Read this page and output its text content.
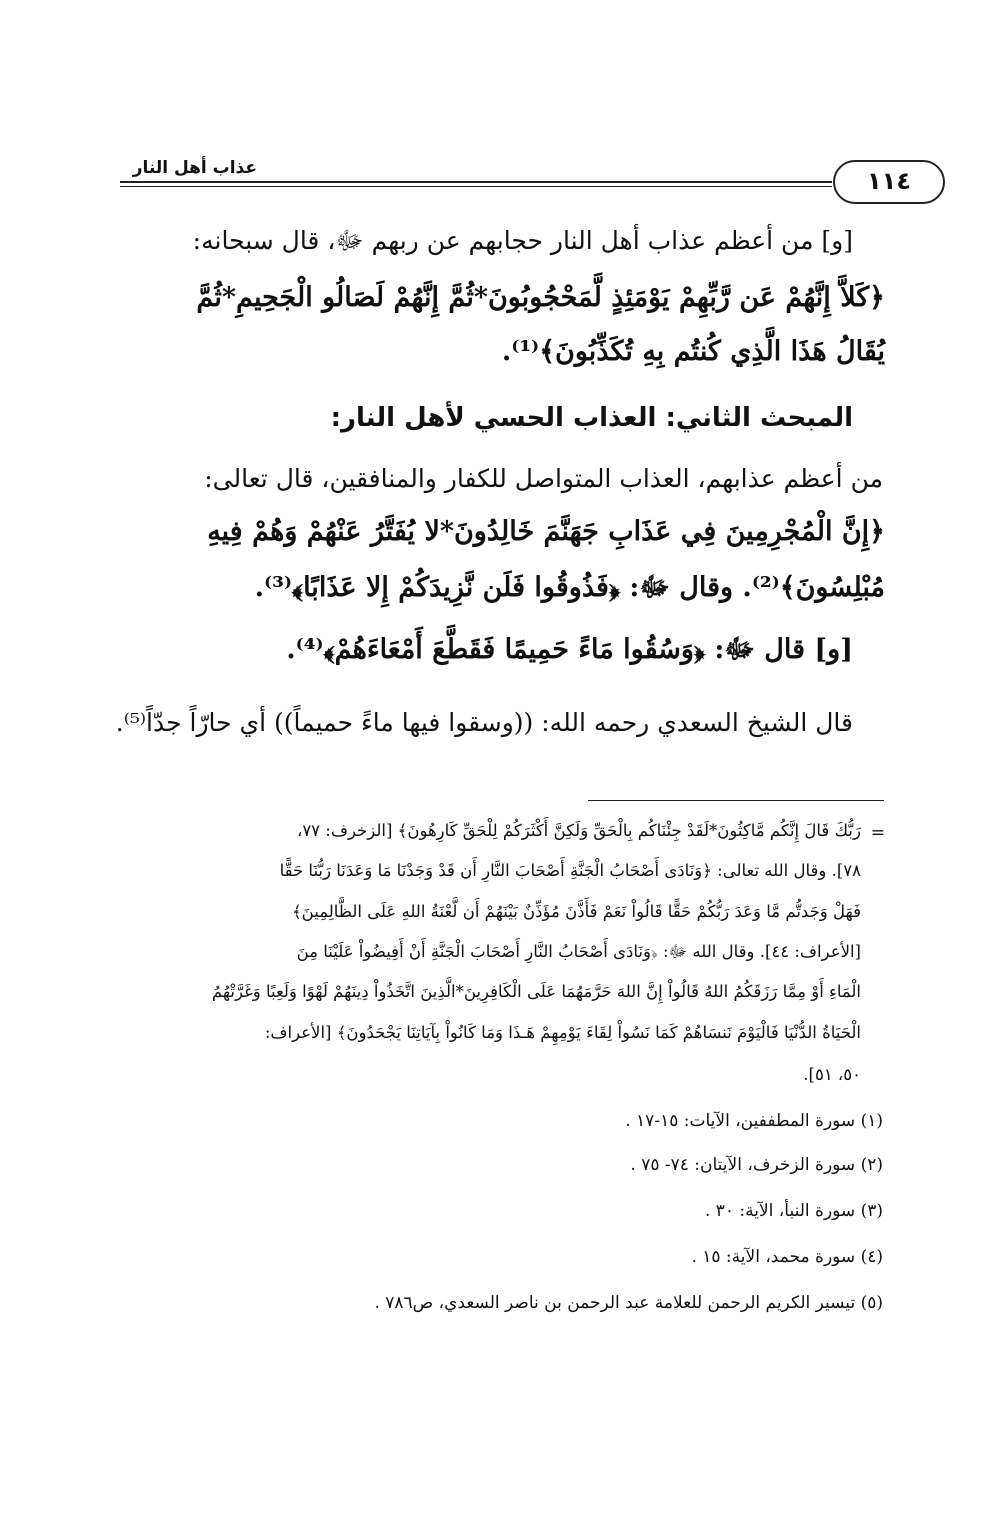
عذاب أهل النار	١١٤
[و] من أعظم عذاب أهل النار حجابهم عن ربهم ﷻ، قال سبحانه:
﴿كَلاَّ إِنَّهُمْ عَن رَّبِّهِمْ يَوْمَئِذٍ لَّمَحْجُوبُونَ*ثُمَّ إِنَّهُمْ لَصَالُو الْجَحِيمِ*ثُمَّ
يُقَالُ هَذَا الَّذِي كُنتُم بِهِ تُكَذِّبُونَ﴾⁽¹⁾.
المبحث الثاني: العذاب الحسي لأهل النار:
من أعظم عذابهم، العذاب المتواصل للكفار والمنافقين، قال تعالى:
﴿إِنَّ الْمُجْرِمِينَ فِي عَذَابِ جَهَنَّمَ خَالِدُونَ*لا يُفَتَّرُ عَنْهُمْ وَهُمْ فِيهِ
مُبْلِسُونَ﴾⁽²⁾. وقال ﷻ: ﴿فَذُوقُوا فَلَن نَّزِيدَكُمْ إِلا عَذَابًا﴾⁽³⁾.
[و] قال ﷻ: ﴿وَسُقُوا مَاءً حَمِيمًا فَقَطَّعَ أَمْعَاءَهُمْ﴾⁽⁴⁾.
قال الشيخ السعدي رحمه الله: ((وسقوا فيها ماءً حميماً)) أي حارّاً جدّاً⁽⁵⁾.
=
رَبُّكَ قَالَ إِنَّكُم مَّاكِثُونَ*لَقَدْ جِئْنَاكُم بِالْحَقِّ وَلَكِنَّ أَكْثَرَكُمْ لِلْحَقِّ كَارِهُونَ﴾ [الزخرف: ٧٧،
٧٨]. وقال الله تعالى: ﴿وَنَادَى أَصْحَابُ الْجَنَّةِ أَصْحَابَ النَّارِ أَن قَدْ وَجَدْنَا مَا وَعَدَنَا رَبُّنَا حَقًّا
فَهَلْ وَجَدتُّم مَّا وَعَدَ رَبُّكُمْ حَقًّا قَالُواْ نَعَمْ فَأَذَّنَ مُؤَذِّنٌ بَيْنَهُمْ أَن لَّعْنَةُ اللهِ عَلَى الظَّالِمِينَ﴾
[الأعراف: ٤٤]. وقال الله ﷻ: ﴿وَنَادَى أَصْحَابُ النَّارِ أَصْحَابَ الْجَنَّةِ أَنْ أَفِيضُواْ عَلَيْنَا مِنَ
الْمَاءِ أَوْ مِمَّا رَزَقَكُمُ اللهُ قَالُواْ إِنَّ اللهَ حَرَّمَهُمَا عَلَى الْكَافِرِينَ*الَّذِينَ اتَّخَذُواْ دِينَهُمْ لَهْوًا وَلَعِبًا وَغَرَّتْهُمُ
الْحَيَاةُ الدُّنْيَا فَالْيَوْمَ نَنسَاهُمْ كَمَا نَسُواْ لِقَاءَ يَوْمِهِمْ هَـذَا وَمَا كَانُواْ بِآيَاتِنَا يَجْحَدُونَ﴾ [الأعراف:
٥٠، ٥١].
(١) سورة المطففين، الآيات: ١٥-١٧ .
(٢) سورة الزخرف، الآيتان: ٧٤- ٧٥ .
(٣) سورة النبأ، الآية: ٣٠ .
(٤) سورة محمد، الآية: ١٥ .
(٥) تيسير الكريم الرحمن للعلامة عبد الرحمن بن ناصر السعدي، ص٧٨٦ .
